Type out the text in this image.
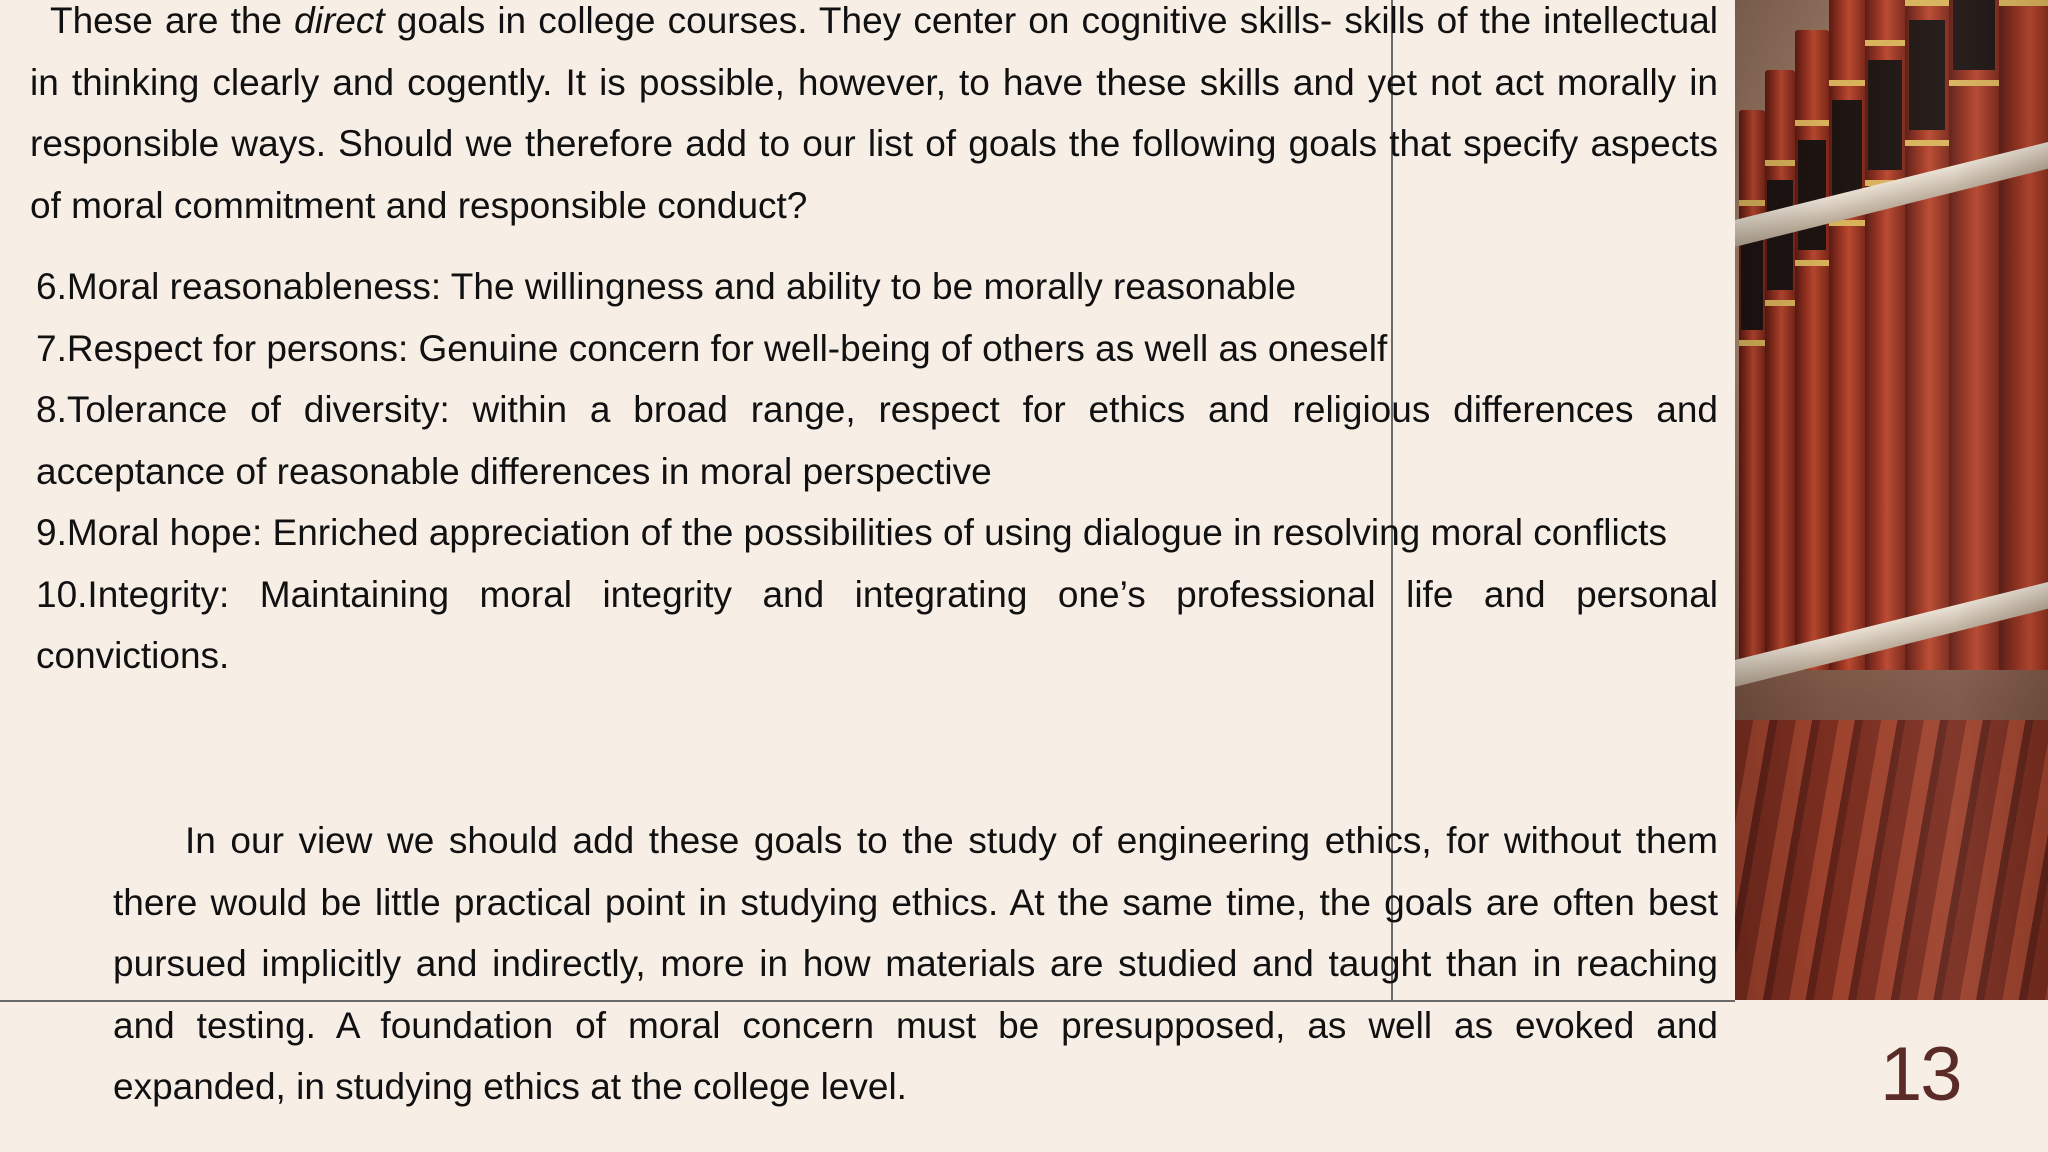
These are the direct goals in college courses. They center on cognitive skills- skills of the intellectual in thinking clearly and cogently. It is possible, however, to have these skills and yet not act morally in responsible ways. Should we therefore add to our list of goals the following goals that specify aspects of moral commitment and responsible conduct?
6.Moral reasonableness: The willingness and ability to be morally reasonable
7.Respect for persons: Genuine concern for well-being of others as well as oneself
8.Tolerance of diversity: within a broad range, respect for ethics and religious differences and acceptance of reasonable differences in moral perspective
9.Moral hope: Enriched appreciation of the possibilities of using dialogue in resolving moral conflicts
10.Integrity: Maintaining moral integrity and integrating one’s professional life and personal convictions.
In our view we should add these goals to the study of engineering ethics, for without them there would be little practical point in studying ethics. At the same time, the goals are often best pursued implicitly and indirectly, more in how materials are studied and taught than in reaching and testing. A foundation of moral concern must be presupposed, as well as evoked and expanded, in studying ethics at the college level.	13
